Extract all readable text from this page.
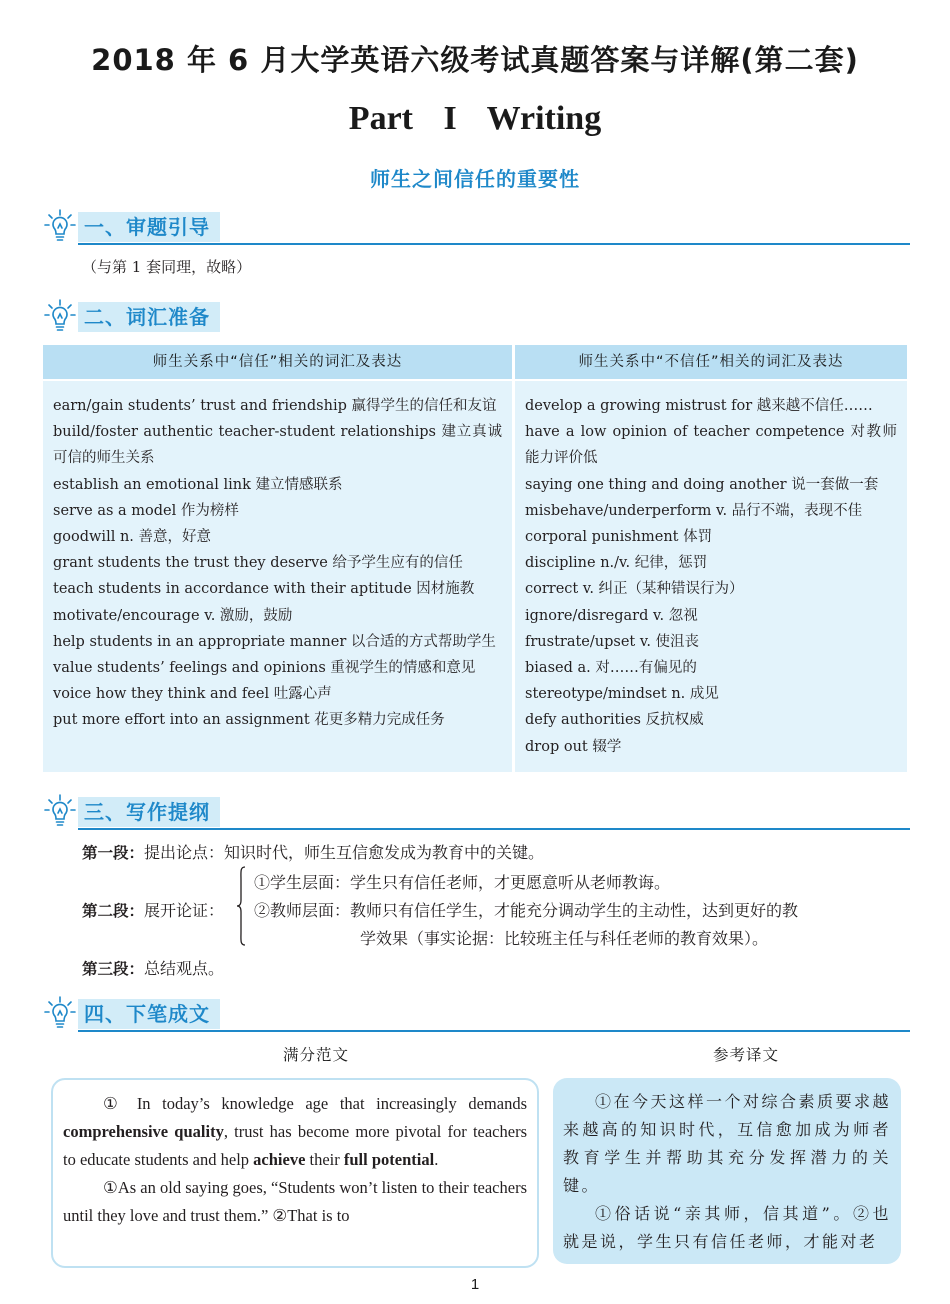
2018 年 6 月大学英语六级考试真题答案与详解(第二套)
Part I Writing
师生之间信任的重要性
一、审题引导

（与第 1 套同理，故略）

二、词汇准备
师生关系中“信任”相关的词汇及表达	师生关系中“不信任”相关的词汇及表达
earn/gain students’ trust and friendship 赢得学生的信任和友谊
build/foster authentic teacher-student relationships 建立真诚可信的师生关系
establish an emotional link 建立情感联系
serve as a model 作为榜样
goodwill n. 善意，好意
grant students the trust they deserve 给予学生应有的信任
teach students in accordance with their aptitude 因材施教
motivate/encourage v. 激励，鼓励
help students in an appropriate manner 以合适的方式帮助学生
value students’ feelings and opinions 重视学生的情感和意见
voice how they think and feel 吐露心声
put more effort into an assignment 花更多精力完成任务
develop a growing mistrust for 越来越不信任……
have a low opinion of teacher competence 对教师能力评价低
saying one thing and doing another 说一套做一套
misbehave/underperform v. 品行不端，表现不佳
corporal punishment 体罚
discipline n./v. 纪律，惩罚
correct v. 纠正（某种错误行为）
ignore/disregard v. 忽视
frustrate/upset v. 使沮丧
biased a. 对……有偏见的
stereotype/mindset n. 成见
defy authorities 反抗权威
drop out 辍学
三、写作提纲
第一段：提出论点：知识时代，师生互信愈发成为教育中的关键。
①学生层面：学生只有信任老师，才更愿意听从老师教诲。
第二段：展开论证： ②教师层面：教师只有信任学生，才能充分调动学生的主动性，达到更好的教
学效果（事实论据：比较班主任与科任老师的教育效果）。
第三段：总结观点。
四、下笔成文
满分范文	参考译文

① In today’s knowledge age that increasingly demands comprehensive quality, trust has become more pivotal for teachers to educate students and help achieve their full potential.

①As an old saying goes, “Students won’t listen to their teachers until they love and trust them.” ②That is to

①在今天这样一个对综合素质要求越来越高的知识时代，互信愈加成为师者教育学生并帮助其充分发挥潜力的关键。

①俗话说“亲其师，信其道”。②也就是说，学生只有信任老师，才能对老

1
